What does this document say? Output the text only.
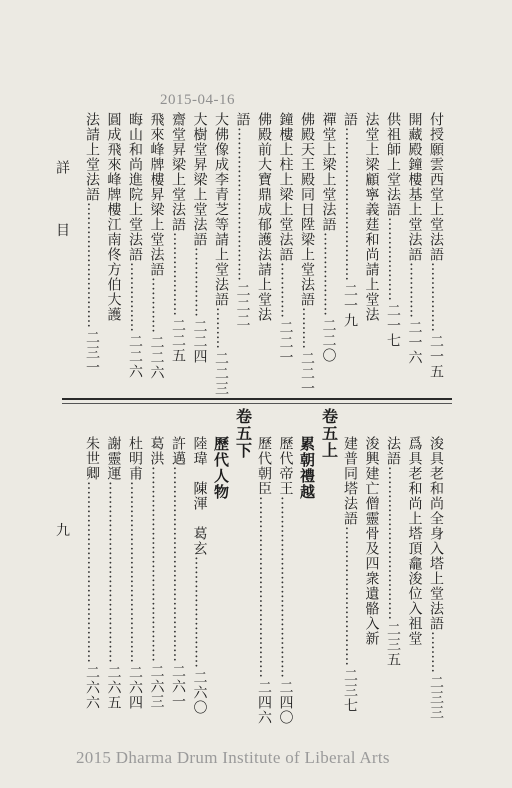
2015-04-16
付授願雲西堂上堂法語……………二一五
開藏殿鐘樓基上堂法語…………二一六
供祖師上堂法語………………二一七
法堂上梁顧寧義莛和尚請上堂法
語……………………………二一九
禪堂上梁上堂法語………………二二〇
佛殿天王殿同日陞梁上堂法語………二二一
鐘樓上柱上梁上堂法語…………二二一
佛殿前大寶鼎成郁護法請上堂法
語……………………………二二二
大佛像成李青芝等請上堂法語………二二三
大樹堂昇梁上堂法語……………二二四
齋堂昇梁上堂法語………………二二五
飛來峰牌樓昇梁上堂法語…………二二六
晦山和尚進院上堂法語……………二二六
圓成飛來峰牌樓江南佟方伯大護
法請上堂法語………………………二三一
浚具老和尚全身入塔上堂法語………二三三
爲具老和尚上塔頂龕浚位入祖堂
法語……………………………二三五
浚興建亡僧靈骨及四衆遺骼入新
建普同塔法語…………………………二三七
卷五上
累朝禮越
歷代帝王…………………………………二四〇
歷代朝臣…………………………………二四六
卷五下
歷代人物
陸瑋　陳渾　葛玄……………………二六〇
許邁……………………………………二六一
葛洪……………………………………二六三
杜明甫…………………………………二六四
謝靈運…………………………………二六五
朱世卿…………………………………二六六
詳 目
九
2015 Dharma Drum Institute of Liberal Arts
